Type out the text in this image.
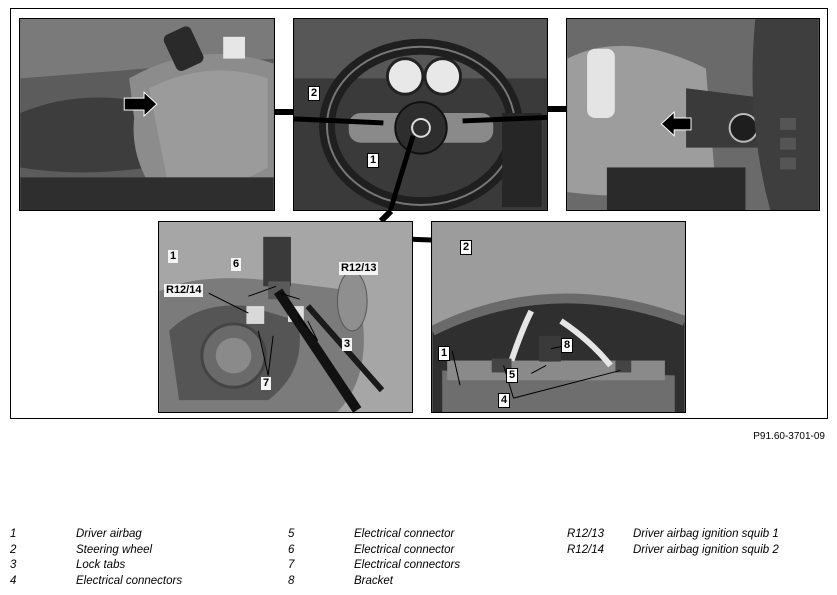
2
1
1
6	R12/13
R12/14
3
7
2
1
8
5
4
P91.60-3701-09
1	Driver airbag
2	Steering wheel
3	Lock tabs
4	Electrical connectors
5	Electrical connector
6	Electrical connector
7	Electrical connectors
8	Bracket
R12/13	Driver airbag ignition squib 1
R12/14	Driver airbag ignition squib 2
